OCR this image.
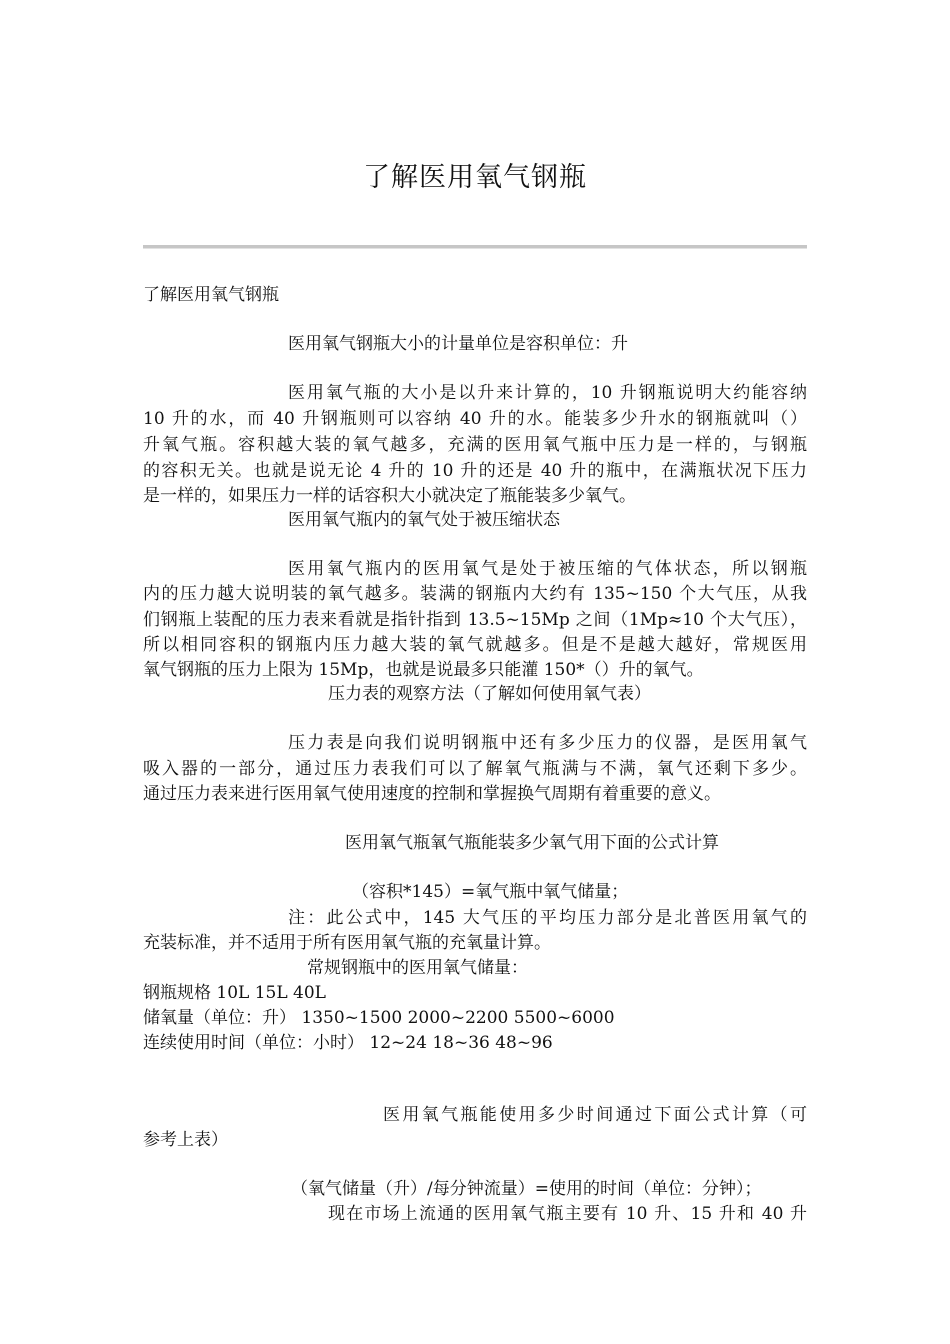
了解医用氧气钢瓶
了解医用氧气钢瓶
医用氧气钢瓶大小的计量单位是容积单位：升
医用氧气瓶的大小是以升来计算的，10 升钢瓶说明大约能容纳
10 升的水，而 40 升钢瓶则可以容纳 40 升的水。能装多少升水的钢瓶就叫（）
升氧气瓶。容积越大装的氧气越多，充满的医用氧气瓶中压力是一样的，与钢瓶
的容积无关。也就是说无论 4 升的 10 升的还是 40 升的瓶中，在满瓶状况下压力
是一样的，如果压力一样的话容积大小就决定了瓶能装多少氧气。
医用氧气瓶内的氧气处于被压缩状态
医用氧气瓶内的医用氧气是处于被压缩的气体状态，所以钢瓶
内的压力越大说明装的氧气越多。装满的钢瓶内大约有 135~150 个大气压，从我
们钢瓶上装配的压力表来看就是指针指到 13.5~15Mp 之间（1Mp≈10 个大气压），
所以相同容积的钢瓶内压力越大装的氧气就越多。但是不是越大越好，常规医用
氧气钢瓶的压力上限为 15Mp，也就是说最多只能灌 150*（）升的氧气。
压力表的观察方法（了解如何使用氧气表）
压力表是向我们说明钢瓶中还有多少压力的仪器，是医用氧气
吸入器的一部分，通过压力表我们可以了解氧气瓶满与不满，氧气还剩下多少。
通过压力表来进行医用氧气使用速度的控制和掌握换气周期有着重要的意义。
医用氧气瓶氧气瓶能装多少氧气用下面的公式计算
（容积*145）=氧气瓶中氧气储量；
注：此公式中，145 大气压的平均压力部分是北普医用氧气的
充装标准，并不适用于所有医用氧气瓶的充氧量计算。
常规钢瓶中的医用氧气储量：
钢瓶规格 10L 15L 40L
储氧量（单位：升） 1350~1500 2000~2200 5500~6000
连续使用时间（单位：小时） 12~24 18~36 48~96
医用氧气瓶能使用多少时间通过下面公式计算（可
参考上表）
（氧气储量（升）/每分钟流量）=使用的时间（单位：分钟）；
现在市场上流通的医用氧气瓶主要有 10 升、15 升和 40 升
